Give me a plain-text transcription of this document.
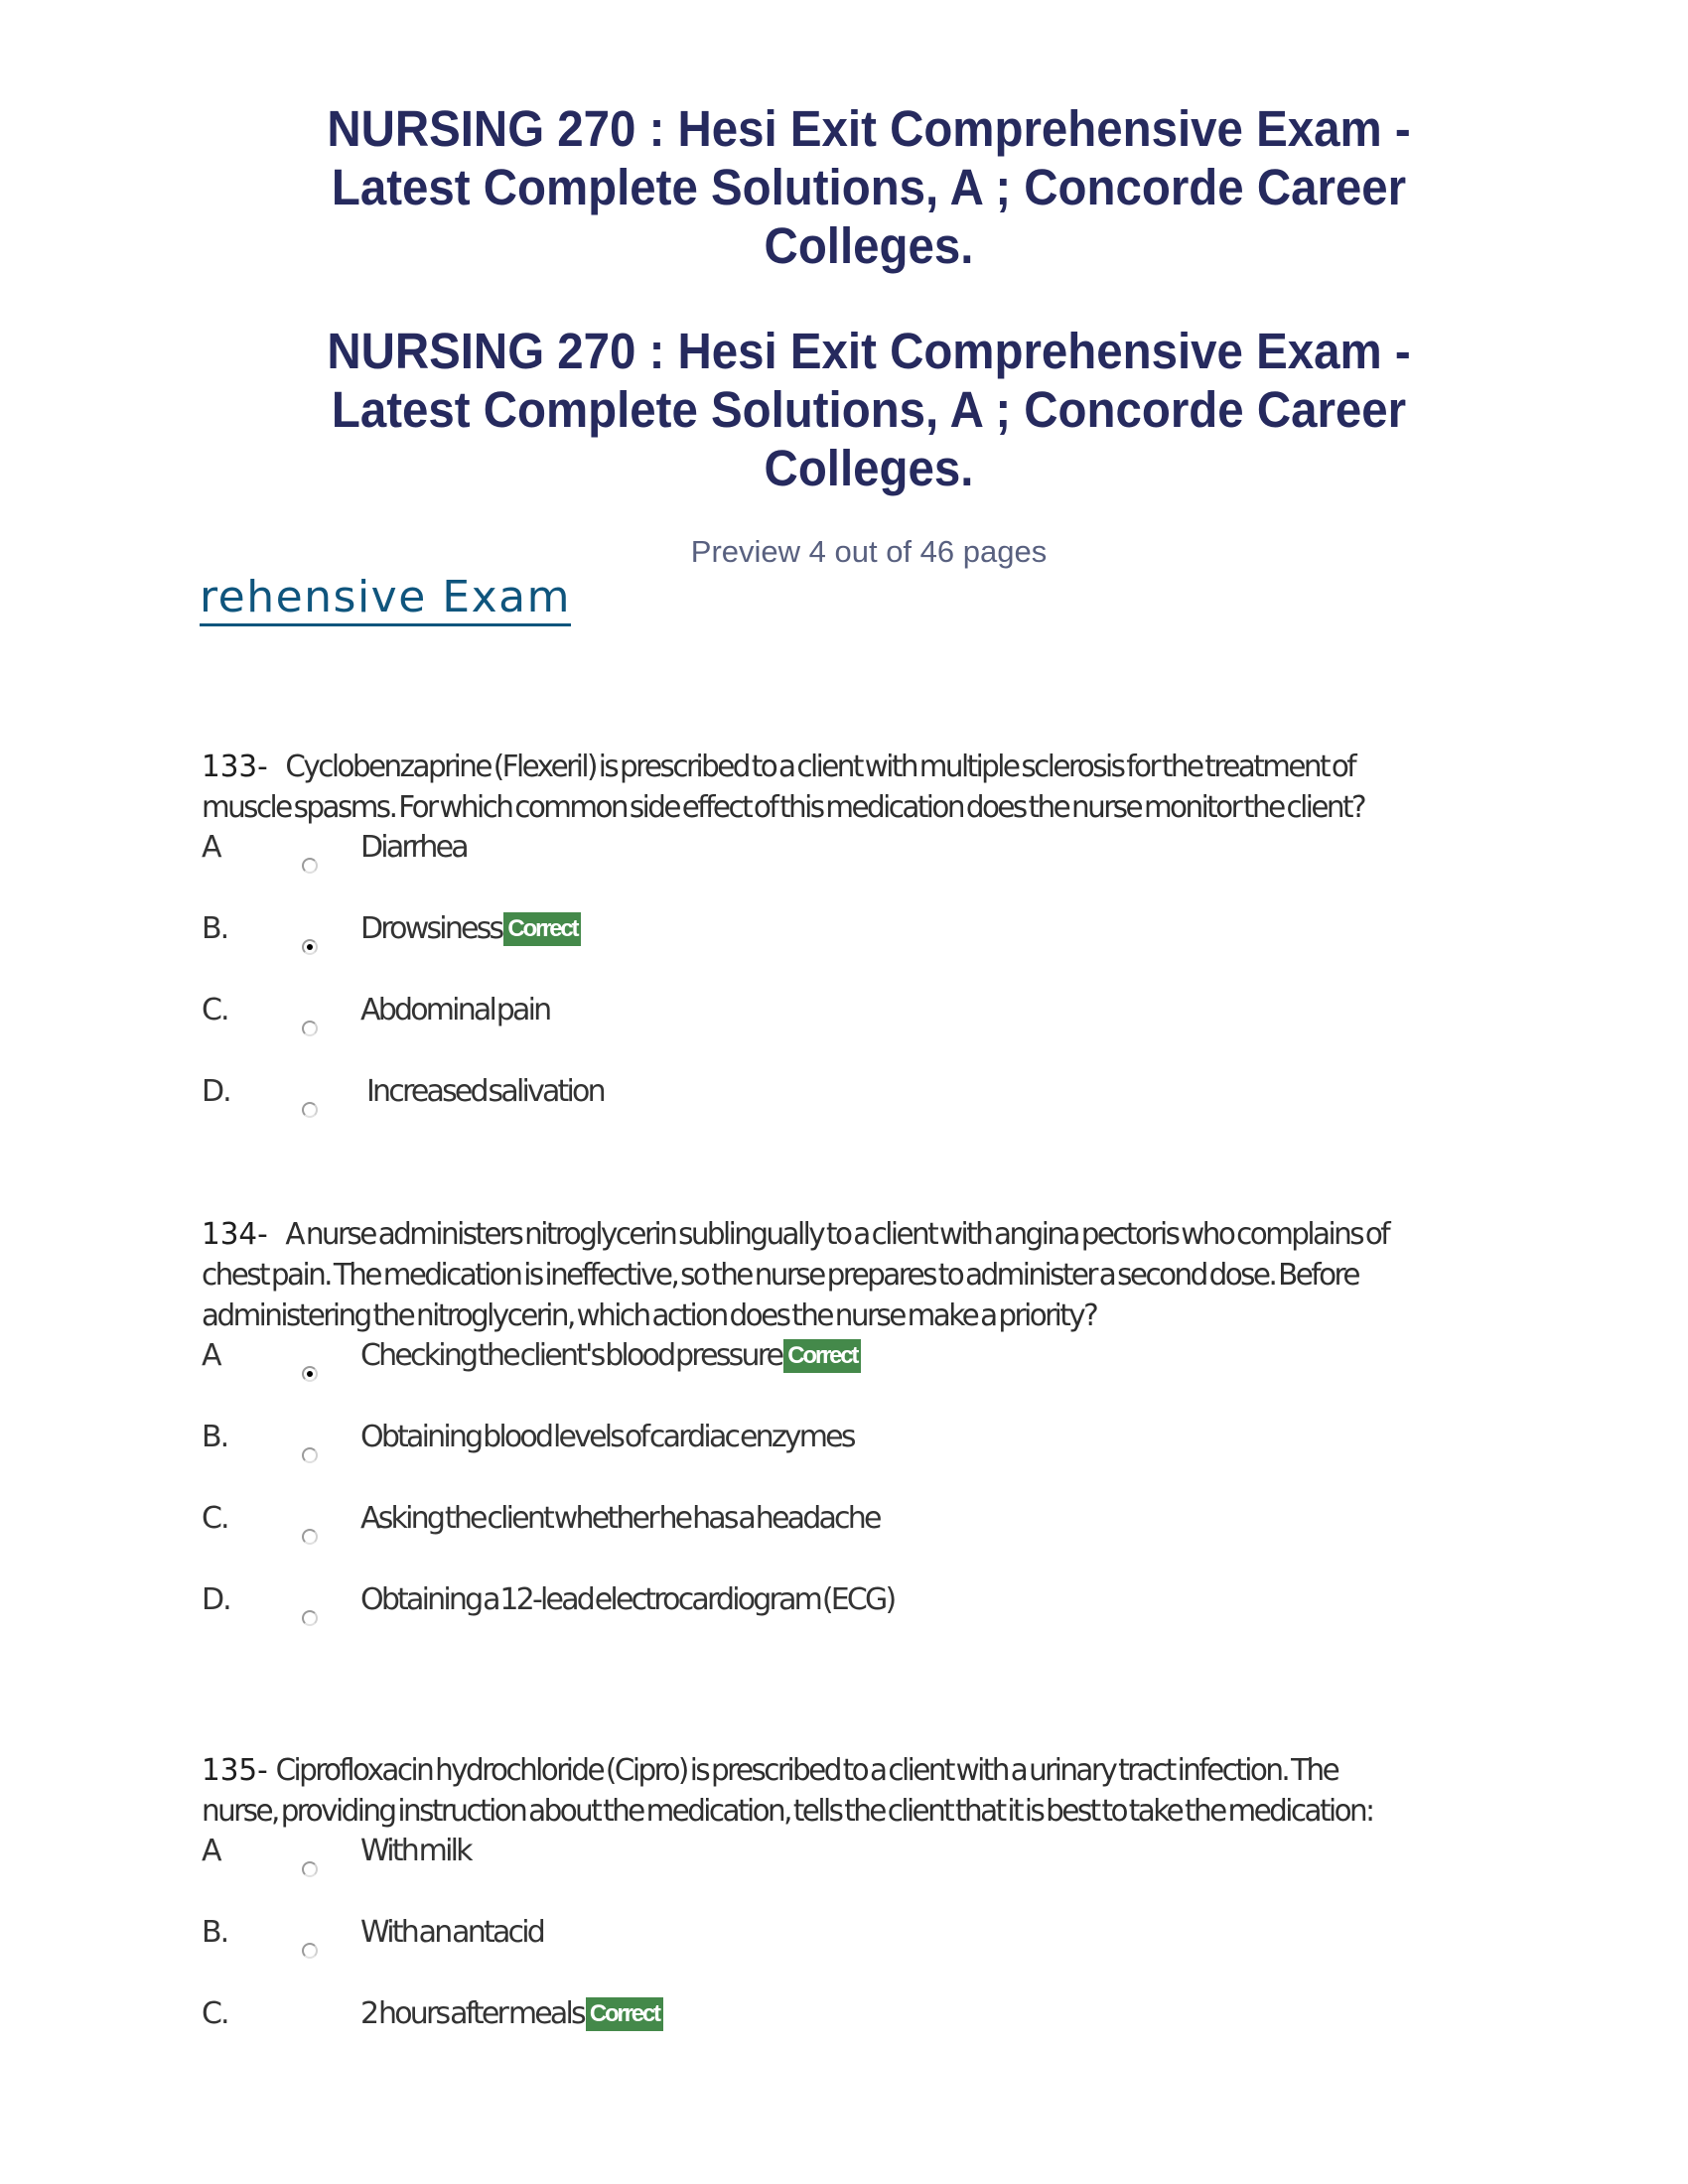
NURSING 270 : Hesi Exit Comprehensive Exam -
Latest Complete Solutions, A ; Concorde Career
Colleges.
NURSING 270 : Hesi Exit Comprehensive Exam -
Latest Complete Solutions, A ; Concorde Career
Colleges.
Preview 4 out of 46 pages
rehensive Exam
133- Cyclobenzaprine (Flexeril) is prescribed to a client with multiple sclerosis for the treatment of
muscle spasms. For which common side effect of this medication does the nurse monitor the client?
A	Diarrhea
B.	Drowsiness Correct
C.	Abdominal pain
D.	Increased salivation
134- A nurse administers nitroglycerin sublingually to a client with angina pectoris who complains of
chest pain. The medication is ineffective, so the nurse prepares to administer a second dose. Before
administering the nitroglycerin, which action does the nurse make a priority?
A	Checking the client's blood pressure Correct
B.	Obtaining blood levels of cardiac enzymes
C.	Asking the client whether he has a headache
D.	Obtaining a 12-lead electrocardiogram (ECG)
135- Ciprofloxacin hydrochloride (Cipro) is prescribed to a client with a urinary tract infection. The
nurse, providing instruction about the medication, tells the client that it is best to take the medication:
A	With milk
B.	With an antacid
C.	2 hours after meals Correct
